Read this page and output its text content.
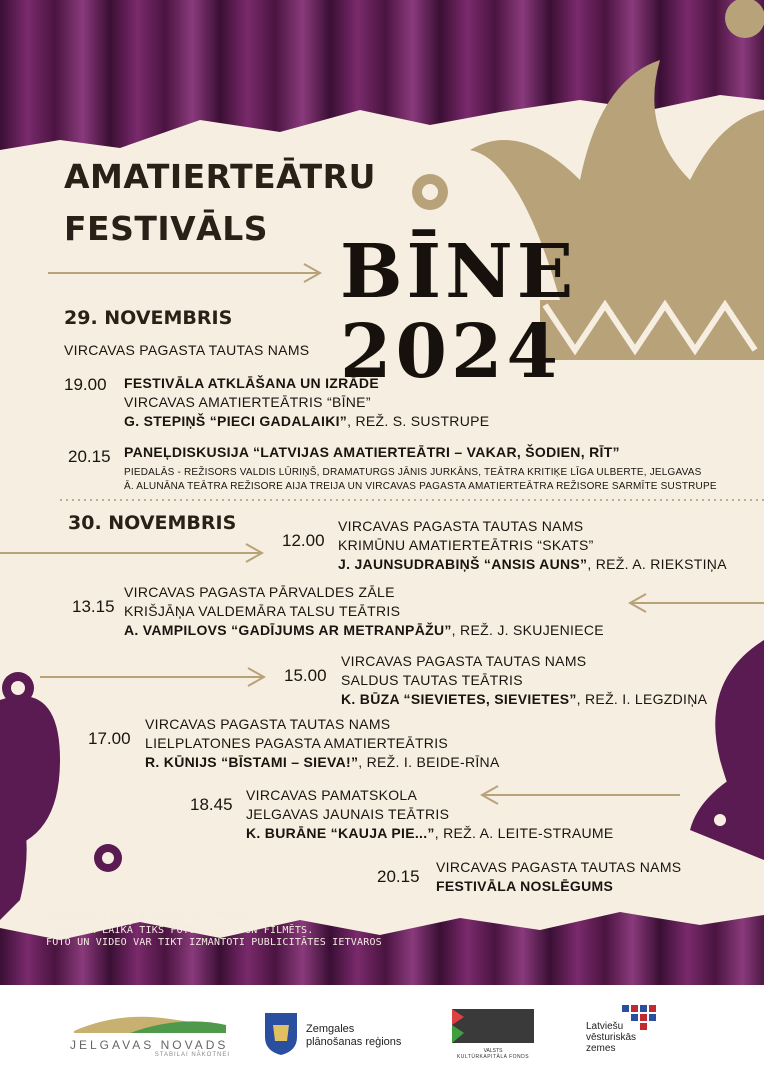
AMATIERTEĀTRU
FESTIVĀLS
BĪNE 2024
29. NOVEMBRIS
VIRCAVAS PAGASTA TAUTAS NAMS
19.00 FESTIVĀLA ATKLĀŠANA UN IZRĀDE
VIRCAVAS AMATIERTEĀTRIS “BĪNE”
G. STEPIŅŠ “PIECI GADALAIKI”, REŽ. S. SUSTRUPE
20.15 PANEĻDISKUSIJA “LATVIJAS AMATIERTEĀTRI – VAKAR, ŠODIEN, RĪT”
PIEDALĀS - REŽISORS VALDIS LŪRIŅŠ, DRAMATURGS JĀNIS JURKĀNS, TEĀTRA KRITIĶE LĪGA ULBERTE, JELGAVAS
Ā. ALUNĀNA TEĀTRA REŽISORE AIJA TREIJA UN VIRCAVAS PAGASTA AMATIERTEĀTRA REŽISORE SARMĪTE SUSTRUPE
30. NOVEMBRIS
12.00
VIRCAVAS PAGASTA TAUTAS NAMS
KRIMŪNU AMATIERTEĀTRIS “SKATS”
J. JAUNSUDRABIŅŠ “ANSIS AUNS”, REŽ. A. RIEKSTIŅA
13.15
VIRCAVAS PAGASTA PĀRVALDES ZĀLE
KRIŠJĀŅA VALDEMĀRA TALSU TEĀTRIS
A. VAMPILOVS “GADĪJUMS AR METRANPĀŽU”, REŽ. J. SKUJENIECE
15.00
VIRCAVAS PAGASTA TAUTAS NAMS
SALDUS TAUTAS TEĀTRIS
K. BŪZA “SIEVIETES, SIEVIETES”, REŽ. I. LEGZDIŅA
17.00
VIRCAVAS PAGASTA TAUTAS NAMS
LIELPLATONES PAGASTA AMATIERTEĀTRIS
R. KŪNIJS “BĪSTAMI – SIEVA!”, REŽ. I. BEIDE-RĪNA
18.45 VIRCAVAS PAMATSKOLA
JELGAVAS JAUNAIS TEĀTRIS
K. BURĀNE “KAUJA PIE...”, REŽ. A. LEITE-STRAUME
20.15 VIRCAVAS PAGASTA TAUTAS NAMS
FESTIVĀLA NOSLĒGUMS
IEEJA UZ VISĀM IZRĀDĒM BEZ MAKSAS
PASĀKUMA LAIKĀ TIKS FOTOGRAFĒTS UN FILMĒTS.
FOTO UN VIDEO VAR TIKT IZMANTOTI PUBLICITĀTES IETVAROS
JELGAVAS NOVADS
STABILAI NĀKOTNEI
Zemgales
plānošanas reģions
VALSTS
KULTŪRKAPITĀLA FONDS
Latviešu
vēsturiskās
zemes
